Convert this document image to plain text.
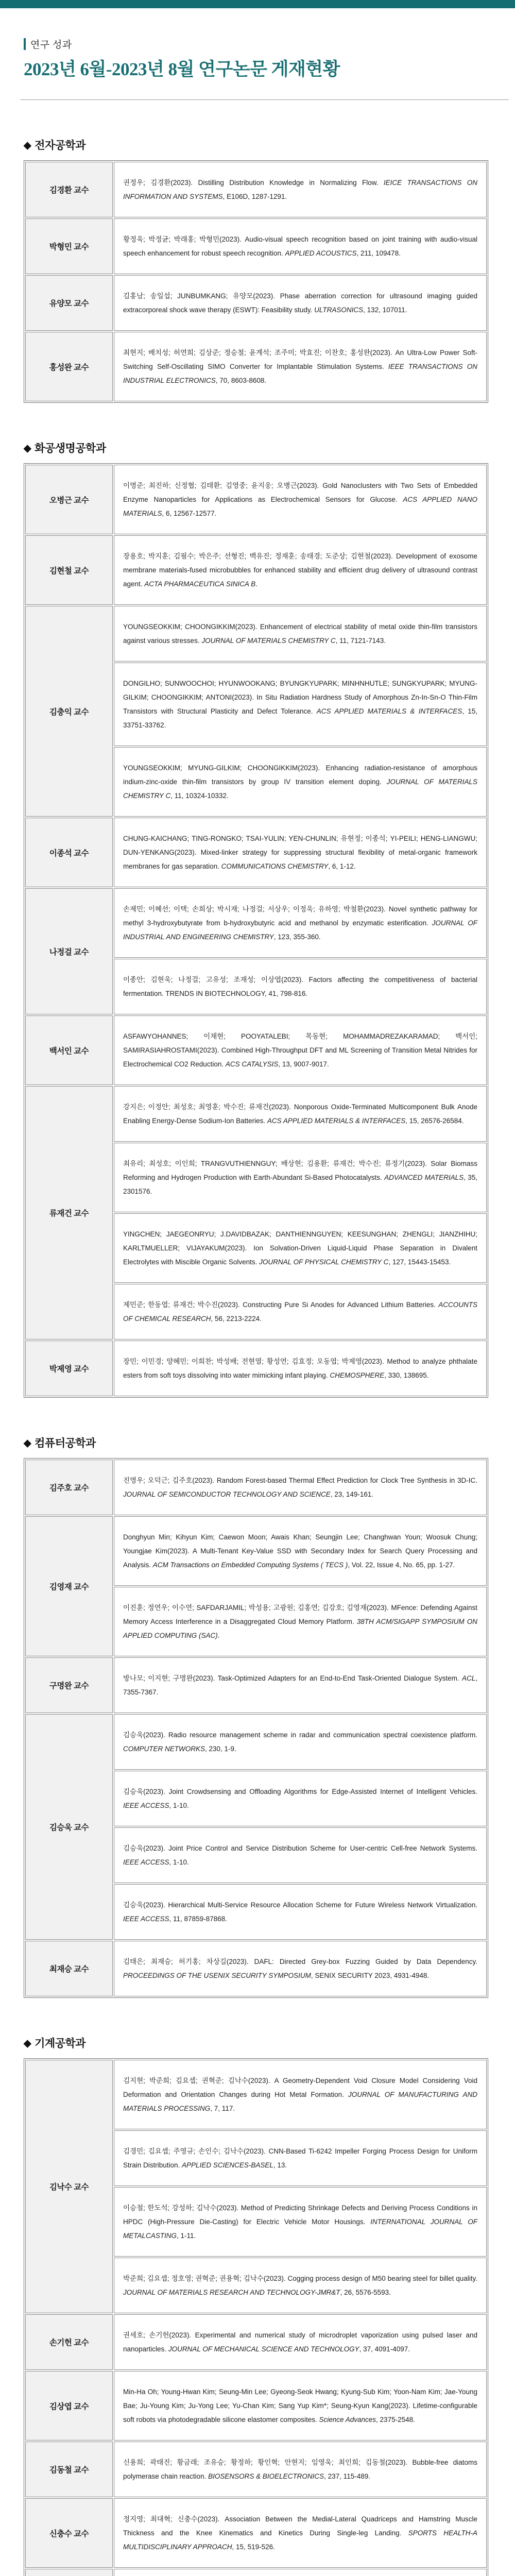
연구 성과
2023년 6월-2023년 8월 연구논문 게재현황
◆ 전자공학과
김경환 교수	권정우; 김경환(2023). Distilling Distribution Knowledge in Normalizing Flow. IEICE TRANSACTIONS ON INFORMATION AND SYSTEMS, E106D, 1287-1291.
박형민 교수	황정욱; 박정균; 박래홍; 박형민(2023). Audio-visual speech recognition based on joint training with audio-visual speech enhancement for robust speech recognition. APPLIED ACOUSTICS, 211, 109478.
유양모 교수	김홍남; 송일섭; JUNBUMKANG; 유양모(2023). Phase aberration correction for ultrasound imaging guided extracorporeal shock wave therapy (ESWT): Feasibility study. ULTRASONICS, 132, 107011.
홍성완 교수	최현지; 배치성; 허연희; 김상준; 정승철; 윤계석; 조주미; 박효진; 이찬호; 홍성완(2023). An Ultra-Low Power Soft-Switching Self-Oscillating SIMO Converter for Implantable Stimulation Systems. IEEE TRANSACTIONS ON INDUSTRIAL ELECTRONICS, 70, 8603-8608.
◆ 화공생명공학과
오병근 교수	이명준; 최진하; 신정협; 김태환; 김영중; 윤지웅; 오병근(2023). Gold Nanoclusters with Two Sets of Embedded Enzyme Nanoparticles for Applications as Electrochemical Sensors for Glucose. ACS APPLIED NANO MATERIALS, 6, 12567-12577.
김현철 교수	장용호; 박지훈; 김필수; 박은주; 선형진; 백유진; 정재훈; 송태경; 도준상; 김현철(2023). Development of exosome membrane materials-fused microbubbles for enhanced stability and efficient drug delivery of ultrasound contrast agent. ACTA PHARMACEUTICA SINICA B.
김충익 교수	YOUNGSEOKKIM; CHOONGIKKIM(2023). Enhancement of electrical stability of metal oxide thin-film transistors against various stresses. JOURNAL OF MATERIALS CHEMISTRY C, 11, 7121-7143.
	DONGILHO; SUNWOOCHOI; HYUNWOOKANG; BYUNGKYUPARK; MINHNHUTLE; SUNGKYUPARK; MYUNG-GILKIM; CHOONGIKKIM; ANTONI(2023). In Situ Radiation Hardness Study of Amorphous Zn-In-Sn-O Thin-Film Transistors with Structural Plasticity and Defect Tolerance. ACS APPLIED MATERIALS & INTERFACES, 15, 33751-33762.
	YOUNGSEOKKIM; MYUNG-GILKIM; CHOONGIKKIM(2023). Enhancing radiation-resistance of amorphous indium-zinc-oxide thin-film transistors by group IV transition element doping. JOURNAL OF MATERIALS CHEMISTRY C, 11, 10324-10332.
이종석 교수	CHUNG-KAICHANG; TING-RONGKO; TSAI-YULIN; YEN-CHUNLIN; 유현정; 이종석; YI-PEILI; HENG-LIANGWU; DUN-YENKANG(2023). Mixed-linker strategy for suppressing structural flexibility of metal-organic framework membranes for gas separation. COMMUNICATIONS CHEMISTRY, 6, 1-12.
나정걸 교수	손제민; 이혜선; 이택; 손희상; 박시재; 나정걸; 서상우; 이정욱; 유하영; 박철환(2023). Novel synthetic pathway for methyl 3-hydroxybutyrate from b-hydroxybutyric acid and methanol by enzymatic esterification. JOURNAL OF INDUSTRIAL AND ENGINEERING CHEMISTRY, 123, 355-360.
	이종안; 김현욱; 나정걸; 고유성; 조재성; 이상엽(2023). Factors affecting the competitiveness of bacterial fermentation. TRENDS IN BIOTECHNOLOGY, 41, 798-816.
백서인 교수	ASFAWYOHANNES; 이채현; POOYATALEBI; 목동현; MOHAMMADREZAKARAMAD; 백서인; SAMIRASIAHROSTAMI(2023). Combined High-Throughput DFT and ML Screening of Transition Metal Nitrides for Electrochemical CO2 Reduction. ACS CATALYSIS, 13, 9007-9017.
류재건 교수	강지은; 이정안; 최성호; 최영훈; 박수진; 류재건(2023). Nonporous Oxide-Terminated Multicomponent Bulk Anode Enabling Energy-Dense Sodium-Ion Batteries. ACS APPLIED MATERIALS & INTERFACES, 15, 26576-26584.
	최유리; 최성호; 이인희; TRANGVUTHIENNGUY; 배상현; 김용환; 류재건; 박수진; 류정기(2023). Solar Biomass Reforming and Hydrogen Production with Earth-Abundant Si-Based Photocatalysts. ADVANCED MATERIALS, 35, 2301576.
	YINGCHEN; JAEGEONRYU; J.DAVIDBAZAK; DANTHIENNGUYEN; KEESUNGHAN; ZHENGLI; JIANZHIHU; KARLTMUELLER; VIJAYAKUM(2023). Ion Solvation-Driven Liquid-Liquid Phase Separation in Divalent Electrolytes with Miscible Organic Solvents. JOURNAL OF PHYSICAL CHEMISTRY C, 127, 15443-15453.
	제민준; 한동엽; 류재건; 박수진(2023). Constructing Pure Si Anodes for Advanced Lithium Batteries. ACCOUNTS OF CHEMICAL RESEARCH, 56, 2213-2224.
박제영 교수	장민; 이민경; 양혜민; 이희찬; 박성배; 전현열; 황성연; 김효정; 오동엽; 박제영(2023). Method to analyze phthalate esters from soft toys dissolving into water mimicking infant playing. CHEMOSPHERE, 330, 138695.
◆ 컴퓨터공학과
김주호 교수	진명우; 오덕근; 김주호(2023). Random Forest-based Thermal Effect Prediction for Clock Tree Synthesis in 3D-IC. JOURNAL OF SEMICONDUCTOR TECHNOLOGY AND SCIENCE, 23, 149-161.
김영재 교수	Donghyun Min; Kihyun Kim; Caewon Moon; Awais Khan; Seungjin Lee; Changhwan Youn; Woosuk Chung; Youngjae Kim(2023). A Multi-Tenant Key-Value SSD with Secondary Index for Search Query Processing and Analysis. ACM Transactions on Embedded Computing Systems ( TECS ), Vol. 22, Issue 4, No. 65, pp. 1-27.
	이진훈; 정연우; 이수연; SAFDARJAMIL; 박성용; 고광원; 김홍연; 김강호; 김영재(2023). MFence: Defending Against Memory Access Interference in a Disaggregated Cloud Memory Platform. 38TH ACM/SIGAPP SYMPOSIUM ON APPLIED COMPUTING (SAC).
구명완 교수	방나모; 이지현; 구명완(2023). Task-Optimized Adapters for an End-to-End Task-Oriented Dialogue System. ACL, 7355-7367.
김승욱 교수	김승욱(2023). Radio resource management scheme in radar and communication spectral coexistence platform. COMPUTER NETWORKS, 230, 1-9.
	김승욱(2023). Joint Crowdsensing and Offloading Algorithms for Edge-Assisted Internet of Intelligent Vehicles. IEEE ACCESS, 1-10.
	김승욱(2023). Joint Price Control and Service Distribution Scheme for User-centric Cell-free Network Systems. IEEE ACCESS, 1-10.
	김승욱(2023). Hierarchical Multi-Service Resource Allocation Scheme for Future Wireless Network Virtualization. IEEE ACCESS, 11, 87859-87868.
최재승 교수	김태은; 최재승; 허기홍; 차상길(2023). DAFL: Directed Grey-box Fuzzing Guided by Data Dependency. PROCEEDINGS OF THE USENIX SECURITY SYMPOSIUM, SENIX SECURITY 2023, 4931-4948.
◆ 기계공학과
김낙수 교수	김지현; 박준희; 김요셉; 권혁준; 김낙수(2023). A Geometry-Dependent Void Closure Model Considering Void Deformation and Orientation Changes during Hot Metal Formation. JOURNAL OF MANUFACTURING AND MATERIALS PROCESSING, 7, 117.
	김경민; 김요셉; 주영규; 손인수; 김낙수(2023). CNN-Based Ti-6242 Impeller Forging Process Design for Uniform Strain Distribution. APPLIED SCIENCES-BASEL, 13.
	이승철; 한도석; 강성하; 김낙수(2023). Method of Predicting Shrinkage Defects and Deriving Process Conditions in HPDC (High-Pressure Die-Casting) for Electric Vehicle Motor Housings. INTERNATIONAL JOURNAL OF METALCASTING, 1-11.
	박준희; 김요셉; 정호영; 권혁준; 권용혁; 김낙수(2023). Cogging process design of M50 bearing steel for billet quality. JOURNAL OF MATERIALS RESEARCH AND TECHNOLOGY-JMR&T, 26, 5576-5593.
손기헌 교수	권세호; 손기헌(2023). Experimental and numerical study of microdroplet vaporization using pulsed laser and nanoparticles. JOURNAL OF MECHANICAL SCIENCE AND TECHNOLOGY, 37, 4091-4097.
김상엽 교수	Min-Ha Oh; Young-Hwan Kim; Seung-Min Lee; Gyeong-Seok Hwang; Kyung-Sub Kim; Yoon-Nam Kim; Jae-Young Bae; Ju-Young Kim; Ju-Yong Lee; Yu-Chan Kim; Sang Yup Kim*; Seung-Kyun Kang(2023). Lifetime-configurable soft robots via photodegradable silicone elastomer composites. Science Advances, 2375-2548.
김동철 교수	신용희; 곽태진; 황금래; 조유승; 황정하; 황인혁; 안현지; 임영욱; 최인희; 김동철(2023). Bubble-free diatoms polymerase chain reaction. BIOSENSORS & BIOELECTRONICS, 237, 115-489.
신충수 교수	정지영; 최대혁; 신충수(2023). Association Between the Medial-Lateral Quadriceps and Hamstring Muscle Thickness and the Knee Kinematics and Kinetics During Single-leg Landing. SPORTS HEALTH-A MULTIDISCIPLINARY APPROACH, 15, 519-526.
